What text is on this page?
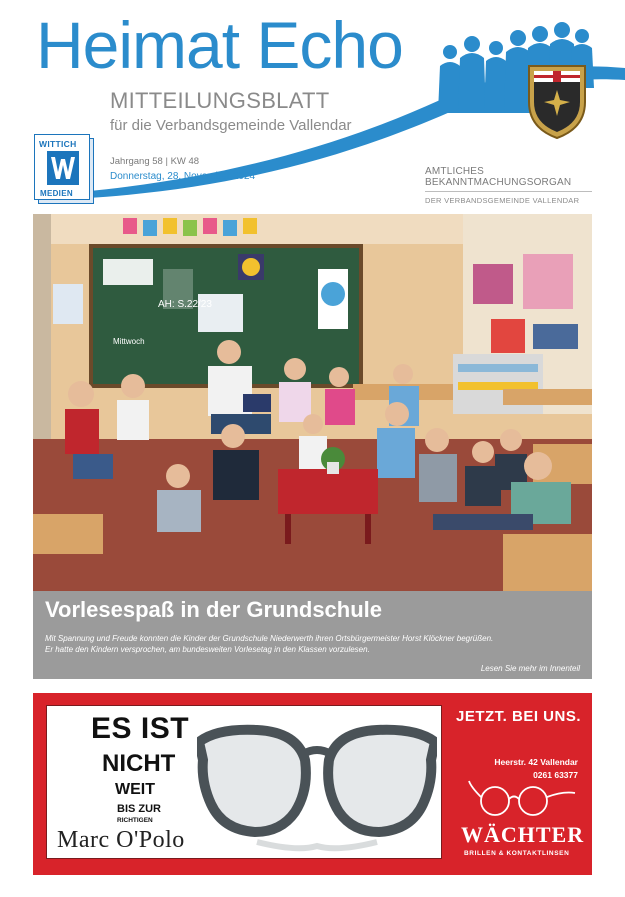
Heimat Echo
MITTEILUNGSBLATT
für die Verbandsgemeinde Vallendar
Jahrgang 58 | KW 48
Donnerstag, 28. November 2024
WITTICH
MEDIEN
AMTLICHES
BEKANNTMACHUNGSORGAN
DER VERBANDSGEMEINDE VALLENDAR
AH: S.22/23
Mittwoch
Vorlesespaß in der Grundschule
Mit Spannung und Freude konnten die Kinder der Grundschule Niederwerth ihren Ortsbürgermeister Horst Klöckner begrüßen.
Er hatte den Kindern versprochen, am bundesweiten Vorlesetag in den Klassen vorzulesen.
Lesen Sie mehr im Innenteil
ES IST
NICHT
WEIT
BIS ZUR
RICHTIGEN
Marc O'Polo
JETZT. BEI UNS.
Heerstr. 42 Vallendar
0261 63377
WÄCHTER
BRILLEN & KONTAKTLINSEN
